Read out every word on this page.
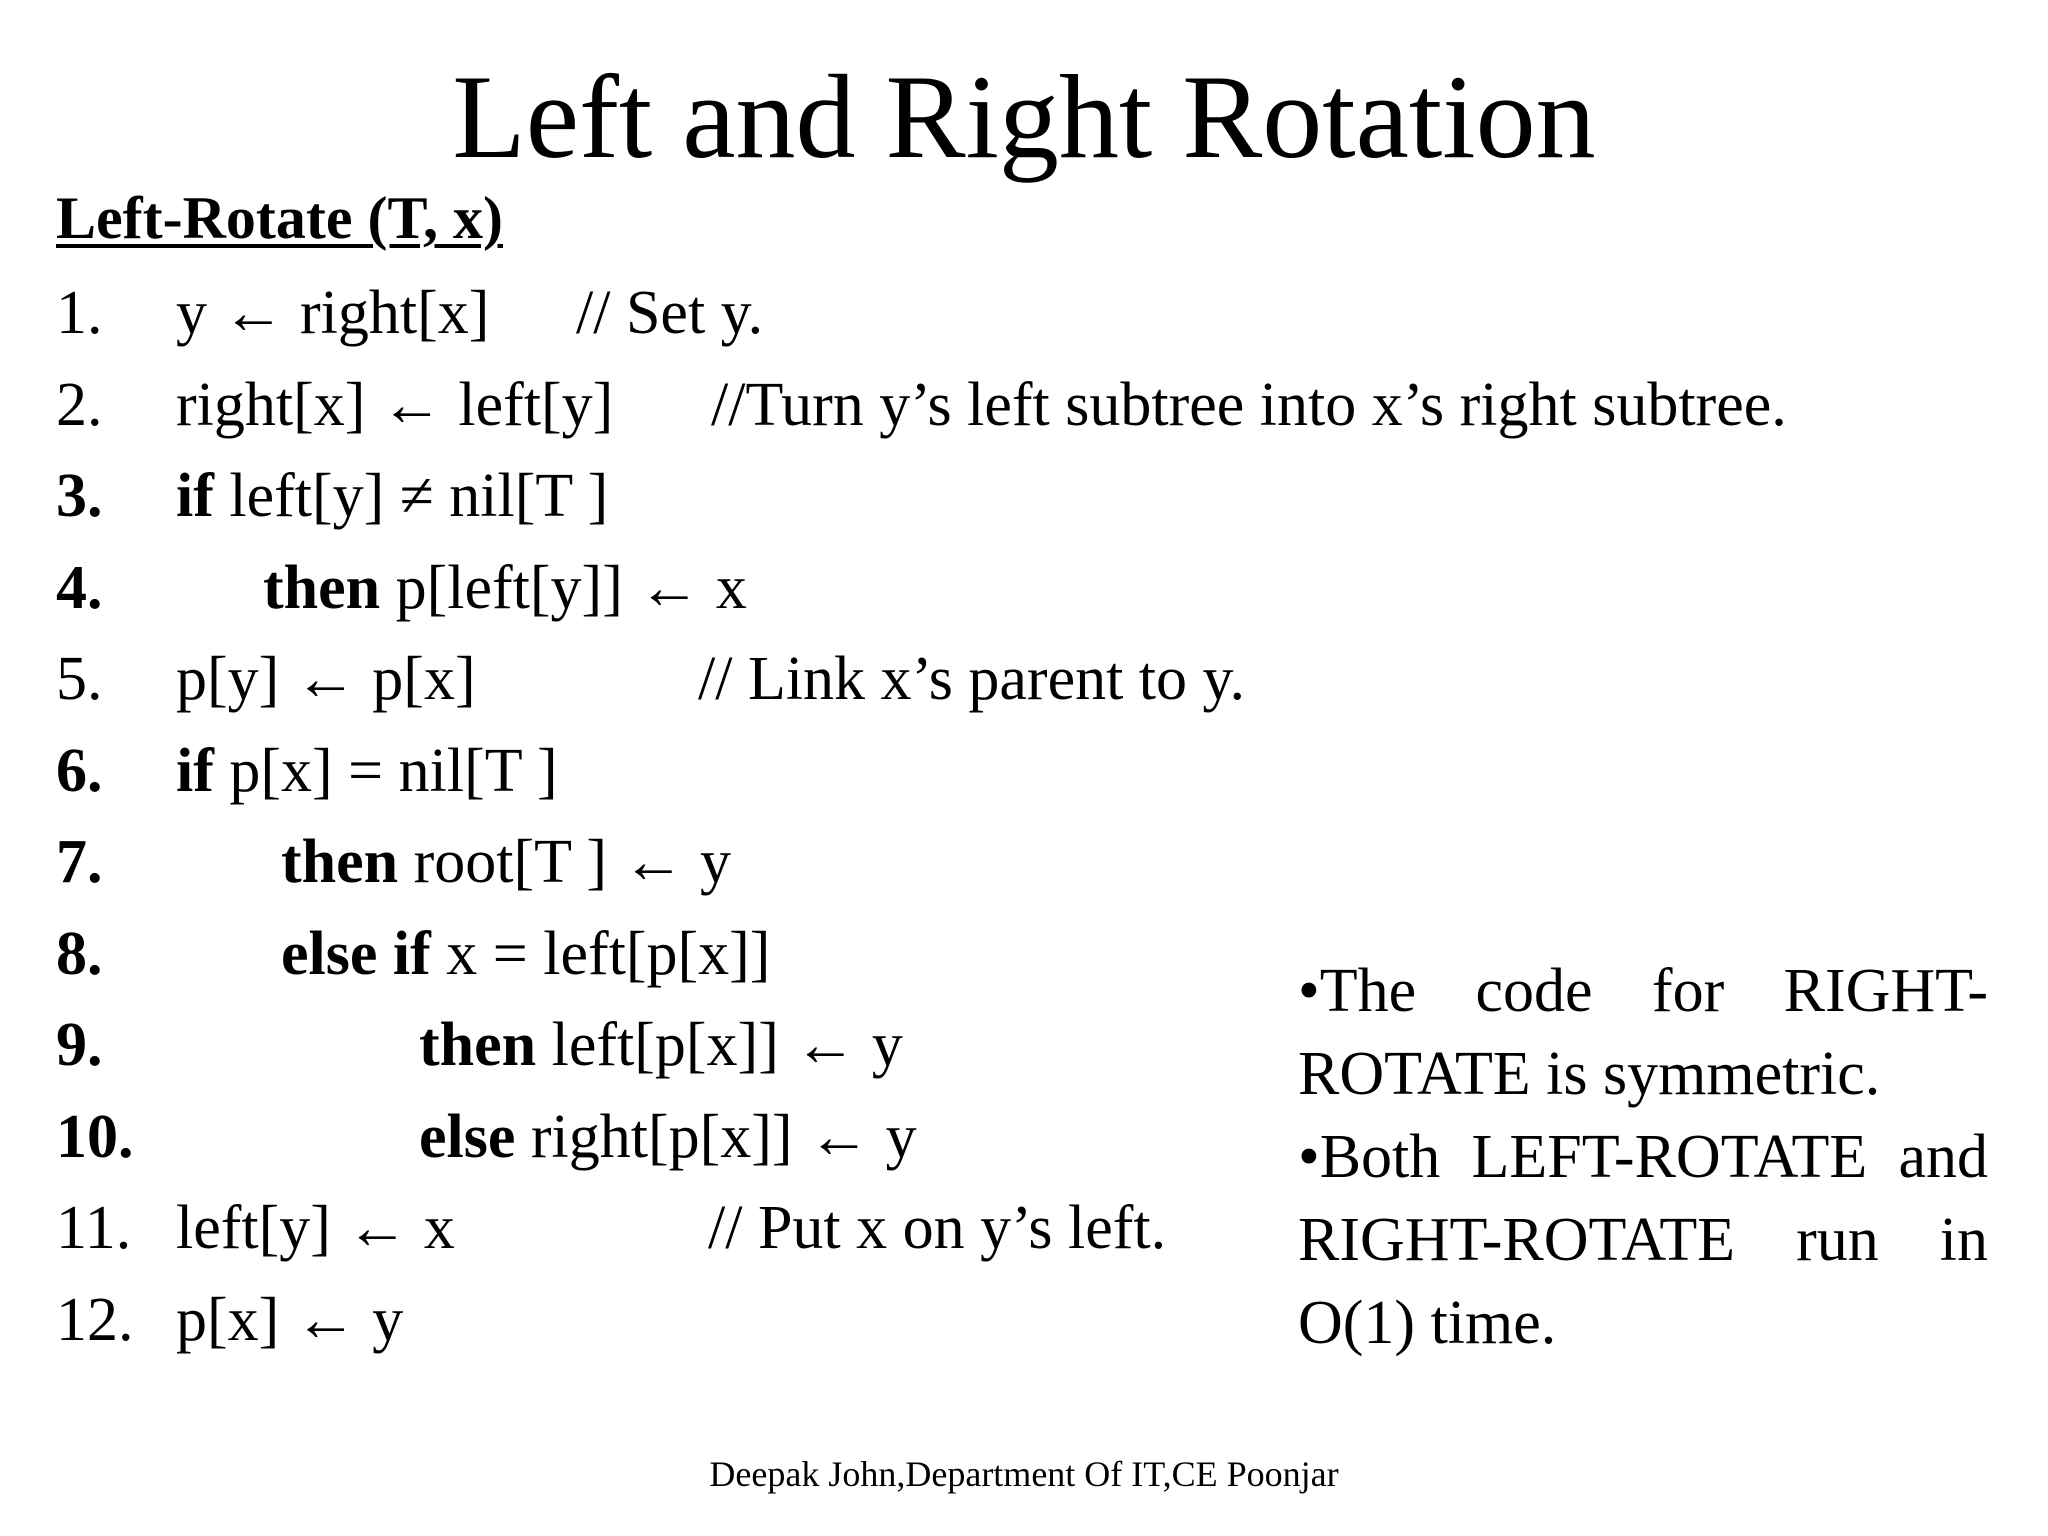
Left and Right Rotation
Left-Rotate (T, x)
1. y ← right[x] // Set y.
2. right[x] ← left[y] //Turn y’s left subtree into x’s right subtree.
3. if left[y] ≠ nil[T ]
4.	then p[left[y]] ← x
5. p[y] ← p[x]	// Link x’s parent to y.
6. if p[x] = nil[T ]
7.	then root[T ] ← y
8.	else if x = left[p[x]]
9.	then left[p[x]] ← y
10.	else right[p[x]] ← y
11. left[y] ← x	// Put x on y’s left.
12. p[x] ← y

•The code for RIGHT-ROTATE is symmetric.

•Both LEFT-ROTATE and RIGHT-ROTATE run in O(1) time.

Deepak John,Department Of IT,CE Poonjar
